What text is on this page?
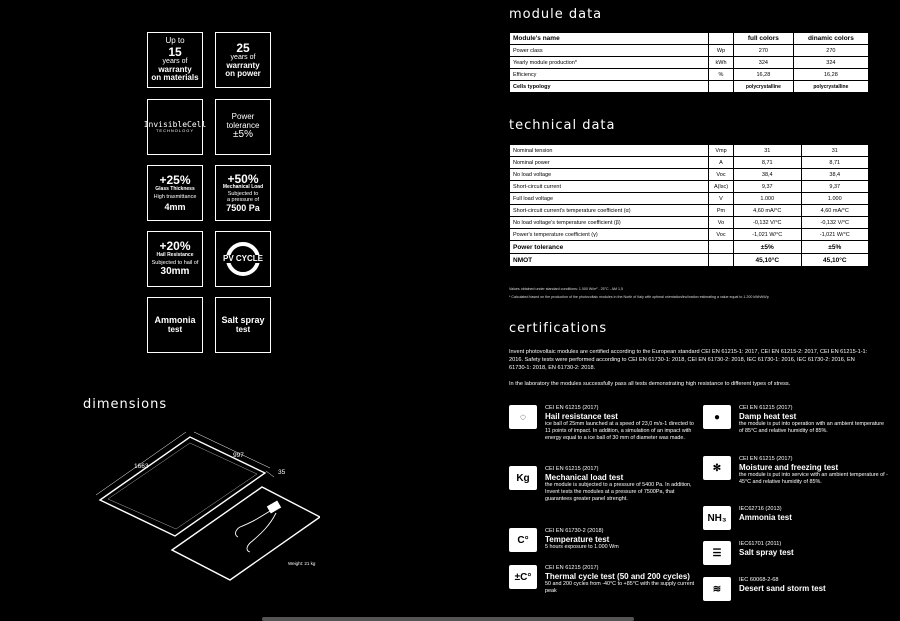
Up to
15
years of
warranty
on materials
25
years of
warranty
on power
InvisibleCell
TECHNOLOGY
Power
tolerance
±5%
+25%
Glass Thickness
High trasmittance
4mm
+50%
Mechanical Load
Subjected to
a pressure of
7500 Pa
+20%
Hail Resistance
Subjected to hail of
30mm
PV CYCLE
Ammonia
test
Salt spray
test
dimensions
1663
997
35
Weight: 21 kg
module data
Module's name		full colors	dinamic colors
Power class	Wp	270	270
Yearly module production*	kWh	324	324
Efficiency	%	16,28	16,28
Cells typology		polycrystalline	polycrystalline
technical data
Nominal tension	Vmp	31	31
Nominal power	A	8,71	8,71
No load voltage	Voc	38,4	38,4
Short-circuit current	A(lsc)	9,37	9,37
Full load voltage	V	1.000	1.000
Short-circuit current's temperature coefficient (α)	Pm	4,60 mA/°C	4,60 mA/°C
No load voltage's temperature coefficient (β)	Vo	-0,132 V/°C	-0,132 V/°C
Power's temperature coefficient (γ)	Voc	-1,021 W/°C	-1,021 W/°C
Power tolerance		±5%	±5%
NMOT		45,10°C	45,10°C
Values obtained under standard conditions: 1.000 W/m² - 25°C - AM 1,5
* Calculated based on the production of the photovoltaic modules in the North of Italy with optimal orientation/inclination estimating a value equal to 1.200 kWh/kWp
certifications
Invent photovoltaic modules are certified according to the European standard CEI EN 61215-1: 2017, CEI EN 61215-2: 2017, CEI EN 61215-1-1: 2016. Safety tests were performed according to CEI EN 61730-1: 2018, CEI EN 61730-2: 2018, IEC 61730-1: 2016, IEC 61730-2: 2016, EN 61730-1: 2018, EN 61730-2: 2018.
In the laboratory the modules successfully pass all tests demonstrating high resistance to different types of stress.
◌
CEI EN 61215 (2017)
Hail resistance test
ice ball of 25mm launched at a speed of 23,0 m/s-1 directed to 11 points of impact. In addition, a simulation of an impact with energy equal to a ice ball of 30 mm of diameter was made.
Kg
CEI EN 61215 (2017)
Mechanical load test
the module is subjected to a pressure of 5400 Pa. In addition, Invent tests the modules at a pressure of 7500Pa, that guarantees greater panel strenght.
C°
CEI EN 61730-2 (2018)
Temperature test
5 hours exposure to 1.000 Wm
±C°
CEI EN 61215 (2017)
Thermal cycle test (50 and 200 cycles)
50 and 200 cycles from -40°C to +85°C with the supply current peak
●
CEI EN 61215 (2017)
Damp heat test
the module is put into operation with an ambient temperature of 85°C and relative humidity of 85%.
✻
CEI EN 61215 (2017)
Moisture and freezing test
the module is put into service with an ambient temperature of - 45°C and relative humidity of 85%.
NH₃
IEC62716 (2013)
Ammonia test
☰
IEC61701 (2011)
Salt spray test
≋
IEC 60068-2-68
Desert sand storm test
